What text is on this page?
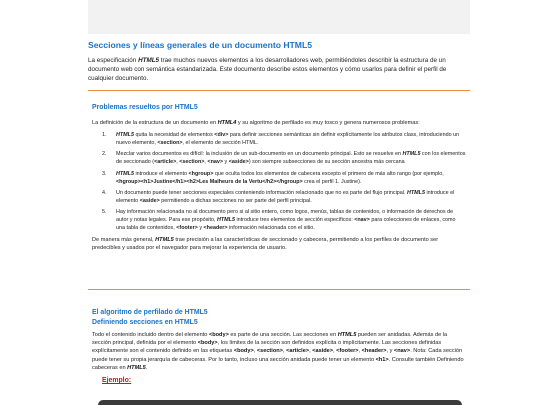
Secciones y líneas generales de un documento HTML5
La especificación HTML5 trae muchos nuevos elementos a los desarrolladores web, permitiéndoles describir la estructura de un documento web con semántica estandarizada. Este documento describe estos elementos y cómo usarlos para definir el perfil de cualquier documento.
Problemas resueltos por HTML5
La definición de la estructura de un documento en HTML4 y su algoritmo de perfilado es muy tosco y genera numerosos problemas:
1. HTML5 quita la necesidad de elementos <div> para definir secciones semánticas sin definir explícitamente los atributos class, introduciendo un nuevo elemento, <section>, el elemento de sección HTML.
2. Mezclar varios documentos es difícil: la inclusión de un sub-documento en un documento principal. Esto se resuelve en HTML5 con los elementos de seccionado (<article>, <section>, <nav> y <aside>) son siempre subsecciones de su sección ancestra más cercana
3. HTML5 introduce el elemento <hgroup> que oculta todos los elementos de cabecera excepto el primero de más alto rango (por ejemplo, <hgroup><h1>Justine</h1><h2>Les Malheurs de la Vertu</h2></hgroup> crea el perfil 1. Justine).
4. Un documento puede tener secciones especiales conteniendo información relacionado que no es parte del flujo principal. HTML5 introduce el elemento <aside> permitiendo a dichas secciones no ser parte del perfil principal.
5. Hay información relacionada no al documento pero si al sitio entero, como logos, menús, tablas de contenidos, o información de derechos de autor y notas legales. Para ese propósito, HTML5 introduce tres elementos de sección específicos: <nav> para colecciones de enlaces, como una tabla de contenidos, <footer> y <header> información relacionada con el sitio.
De manera más general, HTML5 trae precisión a las características de seccionado y cabecera, permitiendo a los perfiles de documento ser predecibles y usados por el navegador para mejorar la experiencia de usuario.
El algoritmo de perfilado de HTML5
Definiendo secciones en HTML5
Todo el contenido incluido dentro del elemento <body> es parte de una sección. Las secciones en HTML5 pueden ser anidadas. Además de la sección principal, definida por el elemento <body>, los límites de la sección son definidos explícita o implícitamente. Las secciones definidas explícitamente son el contenido definido en las etiquetas <body>, <section>, <article>, <aside>, <footer>, <header>, y <nav>. Nota: Cada sección puede tener su propia jerarquía de cabeceras. Por lo tanto, incluso una sección anidada puede tener un elemento <h1>. Consulte también Definiendo cabeceras en HTML5.
Ejemplo:
